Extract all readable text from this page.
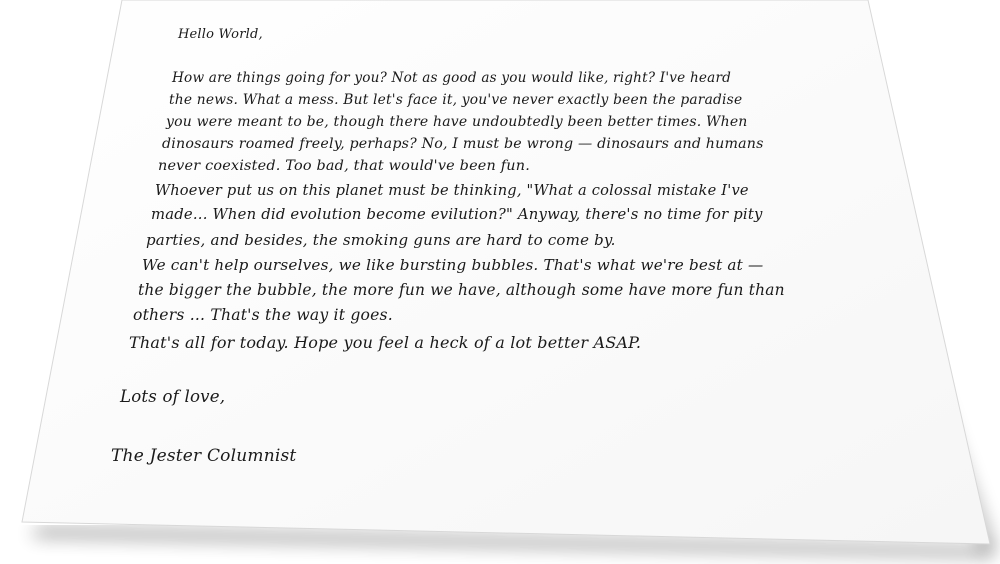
Hello World,
How are things going for you? Not as good as you would like, right? I've heard
the news. What a mess. But let's face it, you've never exactly been the paradise
you were meant to be, though there have undoubtedly been better times. When
dinosaurs roamed freely, perhaps? No, I must be wrong — dinosaurs and humans
never coexisted. Too bad, that would've been fun.
Whoever put us on this planet must be thinking, "What a colossal mistake I've
made... When did evolution become evilution?" Anyway, there's no time for pity
parties, and besides, the smoking guns are hard to come by.
We can't help ourselves, we like bursting bubbles. That's what we're best at —
the bigger the bubble, the more fun we have, although some have more fun than
others ... That's the way it goes.
That's all for today. Hope you feel a heck of a lot better ASAP.
Lots of love,
The Jester Columnist
